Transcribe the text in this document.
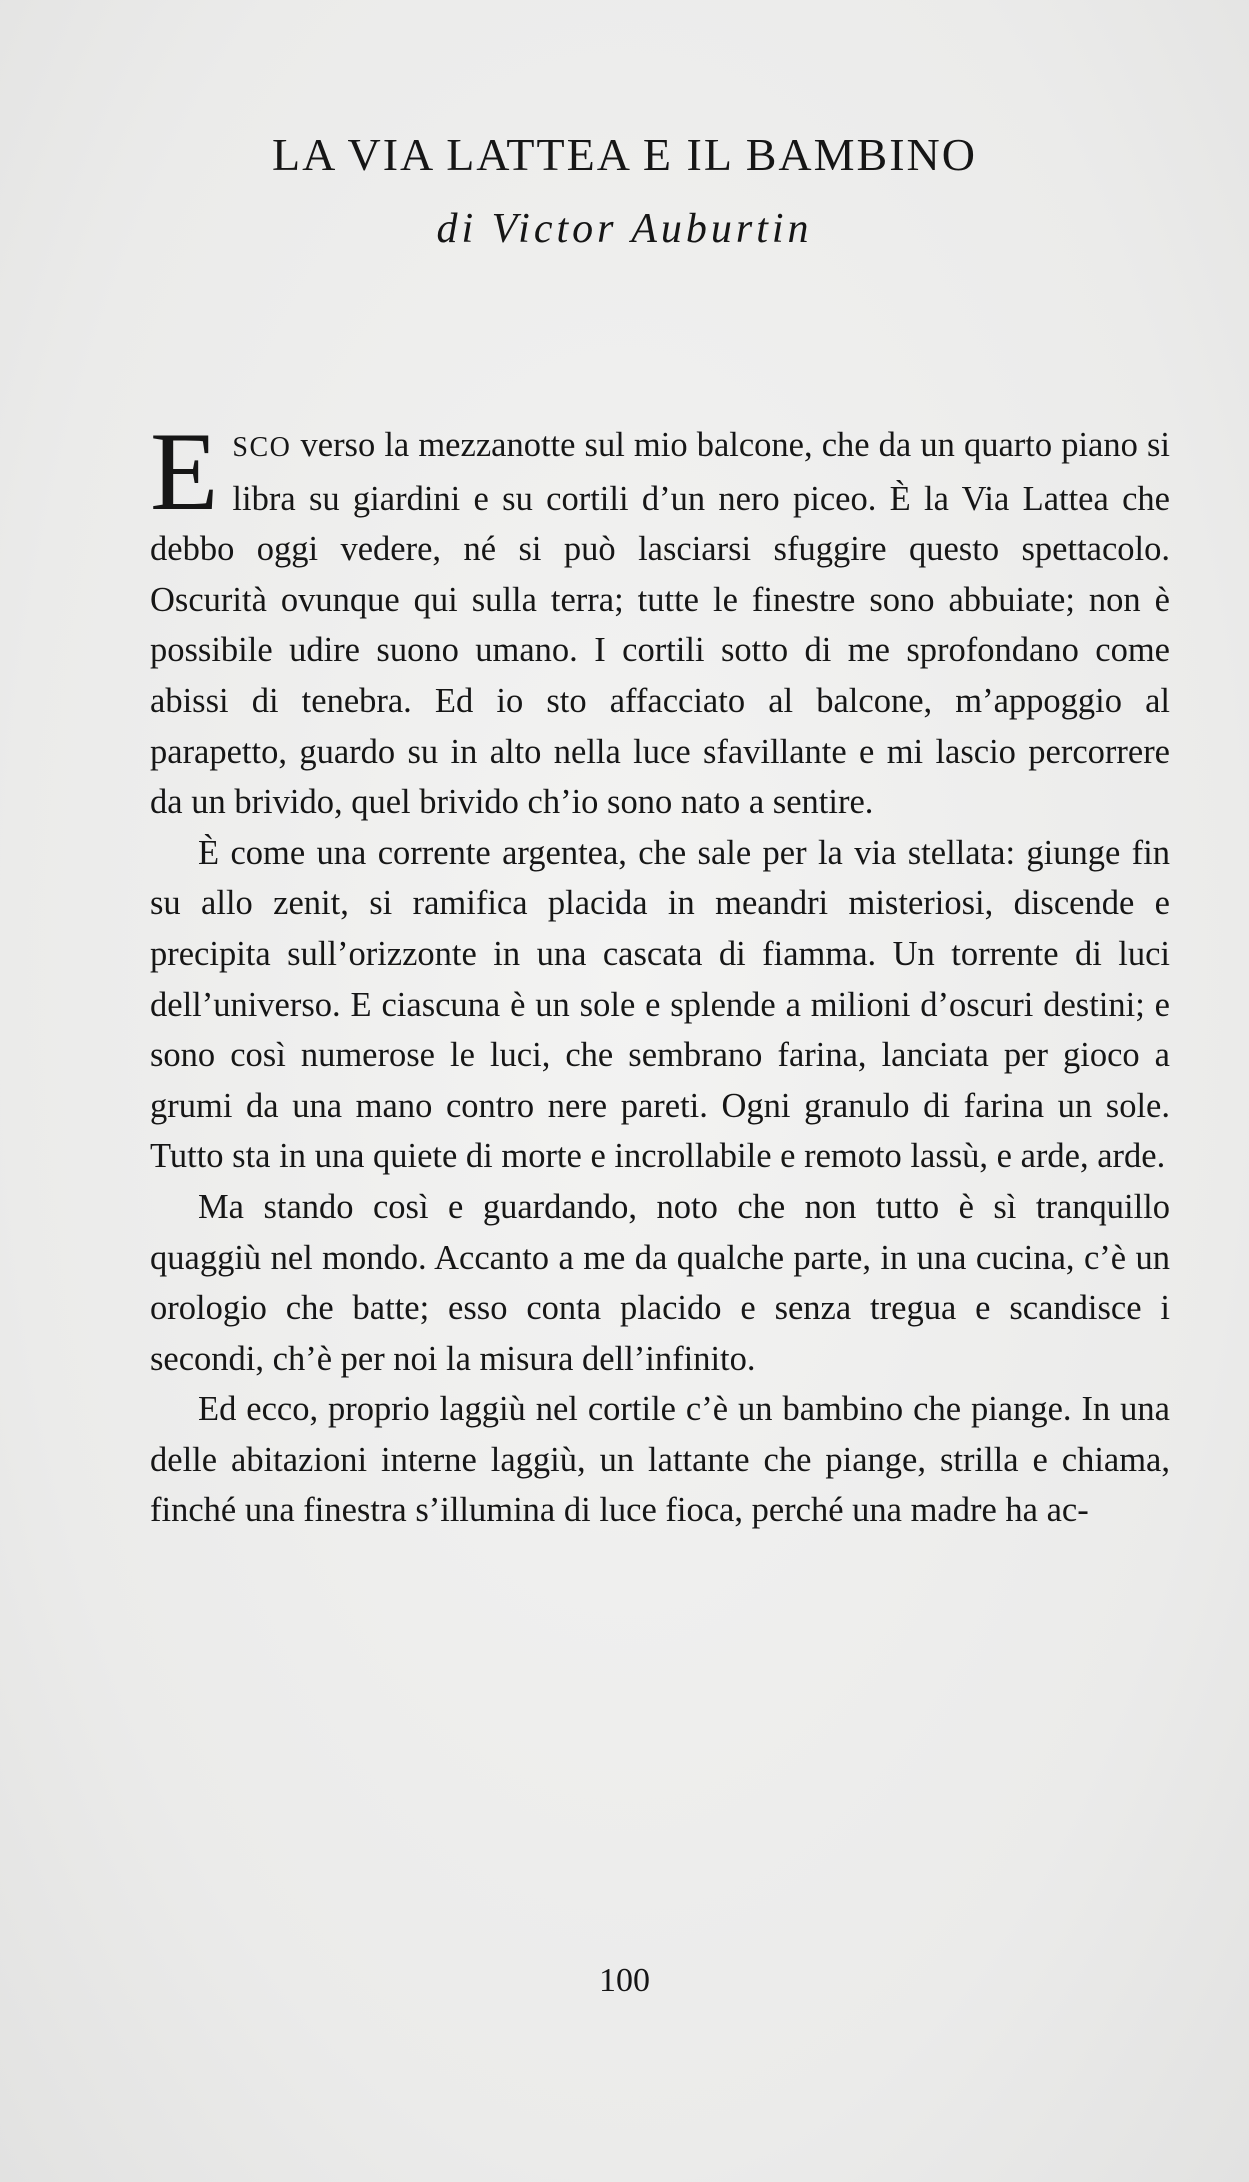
LA VIA LATTEA E IL BAMBINO
di Victor Auburtin

ESCO verso la mezzanotte sul mio balcone, che da un quarto piano si libra su giardini e su cortili d’un nero piceo. È la Via Lattea che debbo oggi vedere, né si può lasciarsi sfuggire questo spettacolo. Oscurità ovunque qui sulla terra; tutte le finestre sono abbuiate; non è possibile udire suono umano. I cortili sotto di me sprofondano come abissi di tenebra. Ed io sto affacciato al balcone, m’appoggio al parapetto, guardo su in alto nella luce sfavillante e mi lascio percorrere da un brivido, quel brivido ch’io sono nato a sentire.

È come una corrente argentea, che sale per la via stellata: giunge fin su allo zenit, si ramifica placida in meandri misteriosi, discende e precipita sull’orizzonte in una cascata di fiamma. Un torrente di luci dell’universo. E ciascuna è un sole e splende a milioni d’oscuri destini; e sono così numerose le luci, che sembrano farina, lanciata per gioco a grumi da una mano contro nere pareti. Ogni granulo di farina un sole. Tutto sta in una quiete di morte e incrollabile e remoto lassù, e arde, arde.

Ma stando così e guardando, noto che non tutto è sì tranquillo quaggiù nel mondo. Accanto a me da qualche parte, in una cucina, c’è un orologio che batte; esso conta placido e senza tregua e scandisce i secondi, ch’è per noi la misura dell’infinito.

Ed ecco, proprio laggiù nel cortile c’è un bambino che piange. In una delle abitazioni interne laggiù, un lattante che piange, strilla e chiama, finché una finestra s’illumina di luce fioca, perché una madre ha ac-

100
